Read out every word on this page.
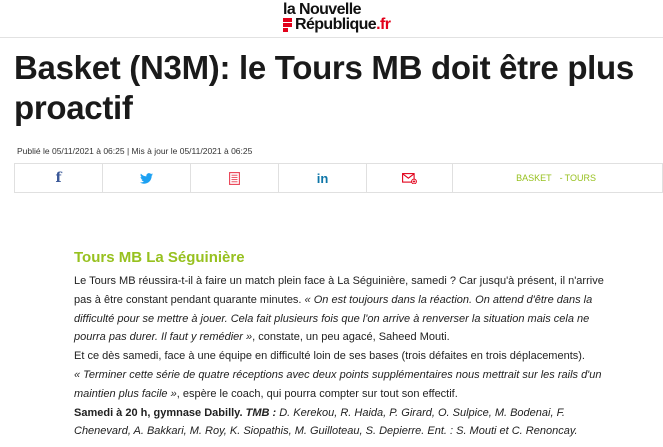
la Nouvelle
République .fr
Basket (N3M): le Tours MB doit être plus proactif
Publié le 05/11/2021 à 06:25 | Mis à jour le 05/11/2021 à 06:25
f	in	BASKET - TOURS
Tours MB La Séguinière

Le Tours MB réussira-t-il à faire un match plein face à La Séguinière, samedi ? Car jusqu'à présent, il n'arrive pas à être constant pendant quarante minutes. « On est toujours dans la réaction. On attend d'être dans la difficulté pour se mettre à jouer. Cela fait plusieurs fois que l'on arrive à renverser la situation mais cela ne pourra pas durer. Il faut y remédier », constate, un peu agacé, Saheed Mouti.

Et ce dès samedi, face à une équipe en difficulté loin de ses bases (trois défaites en trois déplacements).

« Terminer cette série de quatre réceptions avec deux points supplémentaires nous mettrait sur les rails d'un maintien plus facile », espère le coach, qui pourra compter sur tout son effectif.

Samedi à 20 h, gymnase Dabilly. TMB : D. Kerekou, R. Haida, P. Girard, O. Sulpice, M. Bodenai, F. Chenevard, A. Bakkari, M. Roy, K. Siopathis, M. Guilloteau, S. Depierre. Ent. : S. Mouti et C. Renoncay.
